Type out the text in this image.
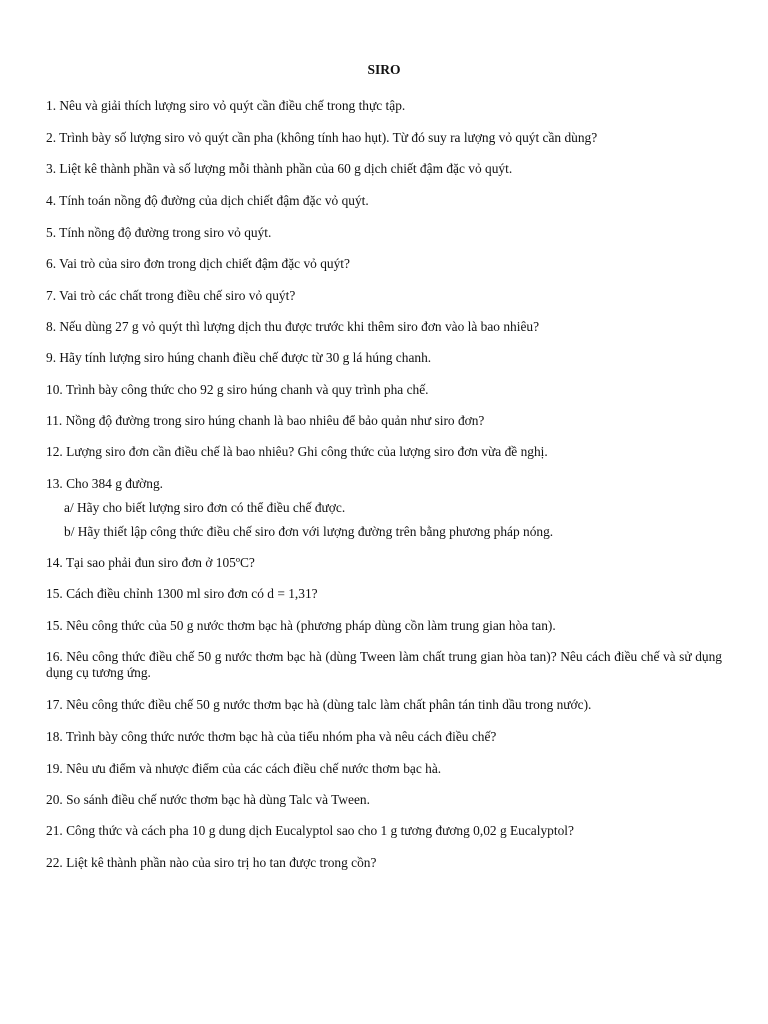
SIRO
1. Nêu và giải thích lượng siro vỏ quýt cần điều chế trong thực tập.
2. Trình bày số lượng siro vỏ quýt cần pha (không tính hao hụt). Từ đó suy ra lượng vỏ quýt cần dùng?
3. Liệt kê thành phần và số lượng mỗi thành phần của 60 g dịch chiết đậm đặc vỏ quýt.
4. Tính toán nồng độ đường của dịch chiết đậm đặc vỏ quýt.
5. Tính nồng độ đường trong siro vỏ quýt.
6. Vai trò của siro đơn trong dịch chiết đậm đặc vỏ quýt?
7. Vai trò các chất trong điều chế siro vỏ quýt?
8. Nếu dùng 27 g vỏ quýt thì lượng dịch thu được trước khi thêm siro đơn vào là bao nhiêu?
9. Hãy tính lượng siro húng chanh điều chế được từ 30 g lá húng chanh.
10. Trình bày công thức cho 92 g siro húng chanh và quy trình pha chế.
11. Nồng độ đường trong siro húng chanh là bao nhiêu để bảo quản như siro đơn?
12. Lượng siro đơn cần điều chế là bao nhiêu? Ghi công thức của lượng siro đơn vừa đề nghị.
13. Cho 384 g đường.
a/ Hãy cho biết lượng siro đơn có thể điều chế được.
b/ Hãy thiết lập công thức điều chế siro đơn với lượng đường trên bằng phương pháp nóng.
14. Tại sao phải đun siro đơn ở 105ºC?
15. Cách điều chỉnh 1300 ml siro đơn có d = 1,31?
15. Nêu công thức của 50 g nước thơm bạc hà (phương pháp dùng cồn làm trung gian hòa tan).
16. Nêu công thức điều chế 50 g nước thơm bạc hà (dùng Tween làm chất trung gian hòa tan)? Nêu cách điều chế và sử dụng dụng cụ tương ứng.
17. Nêu công thức điều chế 50 g nước thơm bạc hà (dùng talc làm chất phân tán tinh dầu trong nước).
18. Trình bày công thức nước thơm bạc hà của tiểu nhóm pha và nêu cách điều chế?
19. Nêu ưu điểm và nhược điểm của các cách điều chế nước thơm bạc hà.
20. So sánh điều chế nước thơm bạc hà dùng Talc và Tween.
21. Công thức và cách pha 10 g dung dịch Eucalyptol sao cho 1 g tương đương 0,02 g Eucalyptol?
22. Liệt kê thành phần nào của siro trị ho tan được trong cồn?
